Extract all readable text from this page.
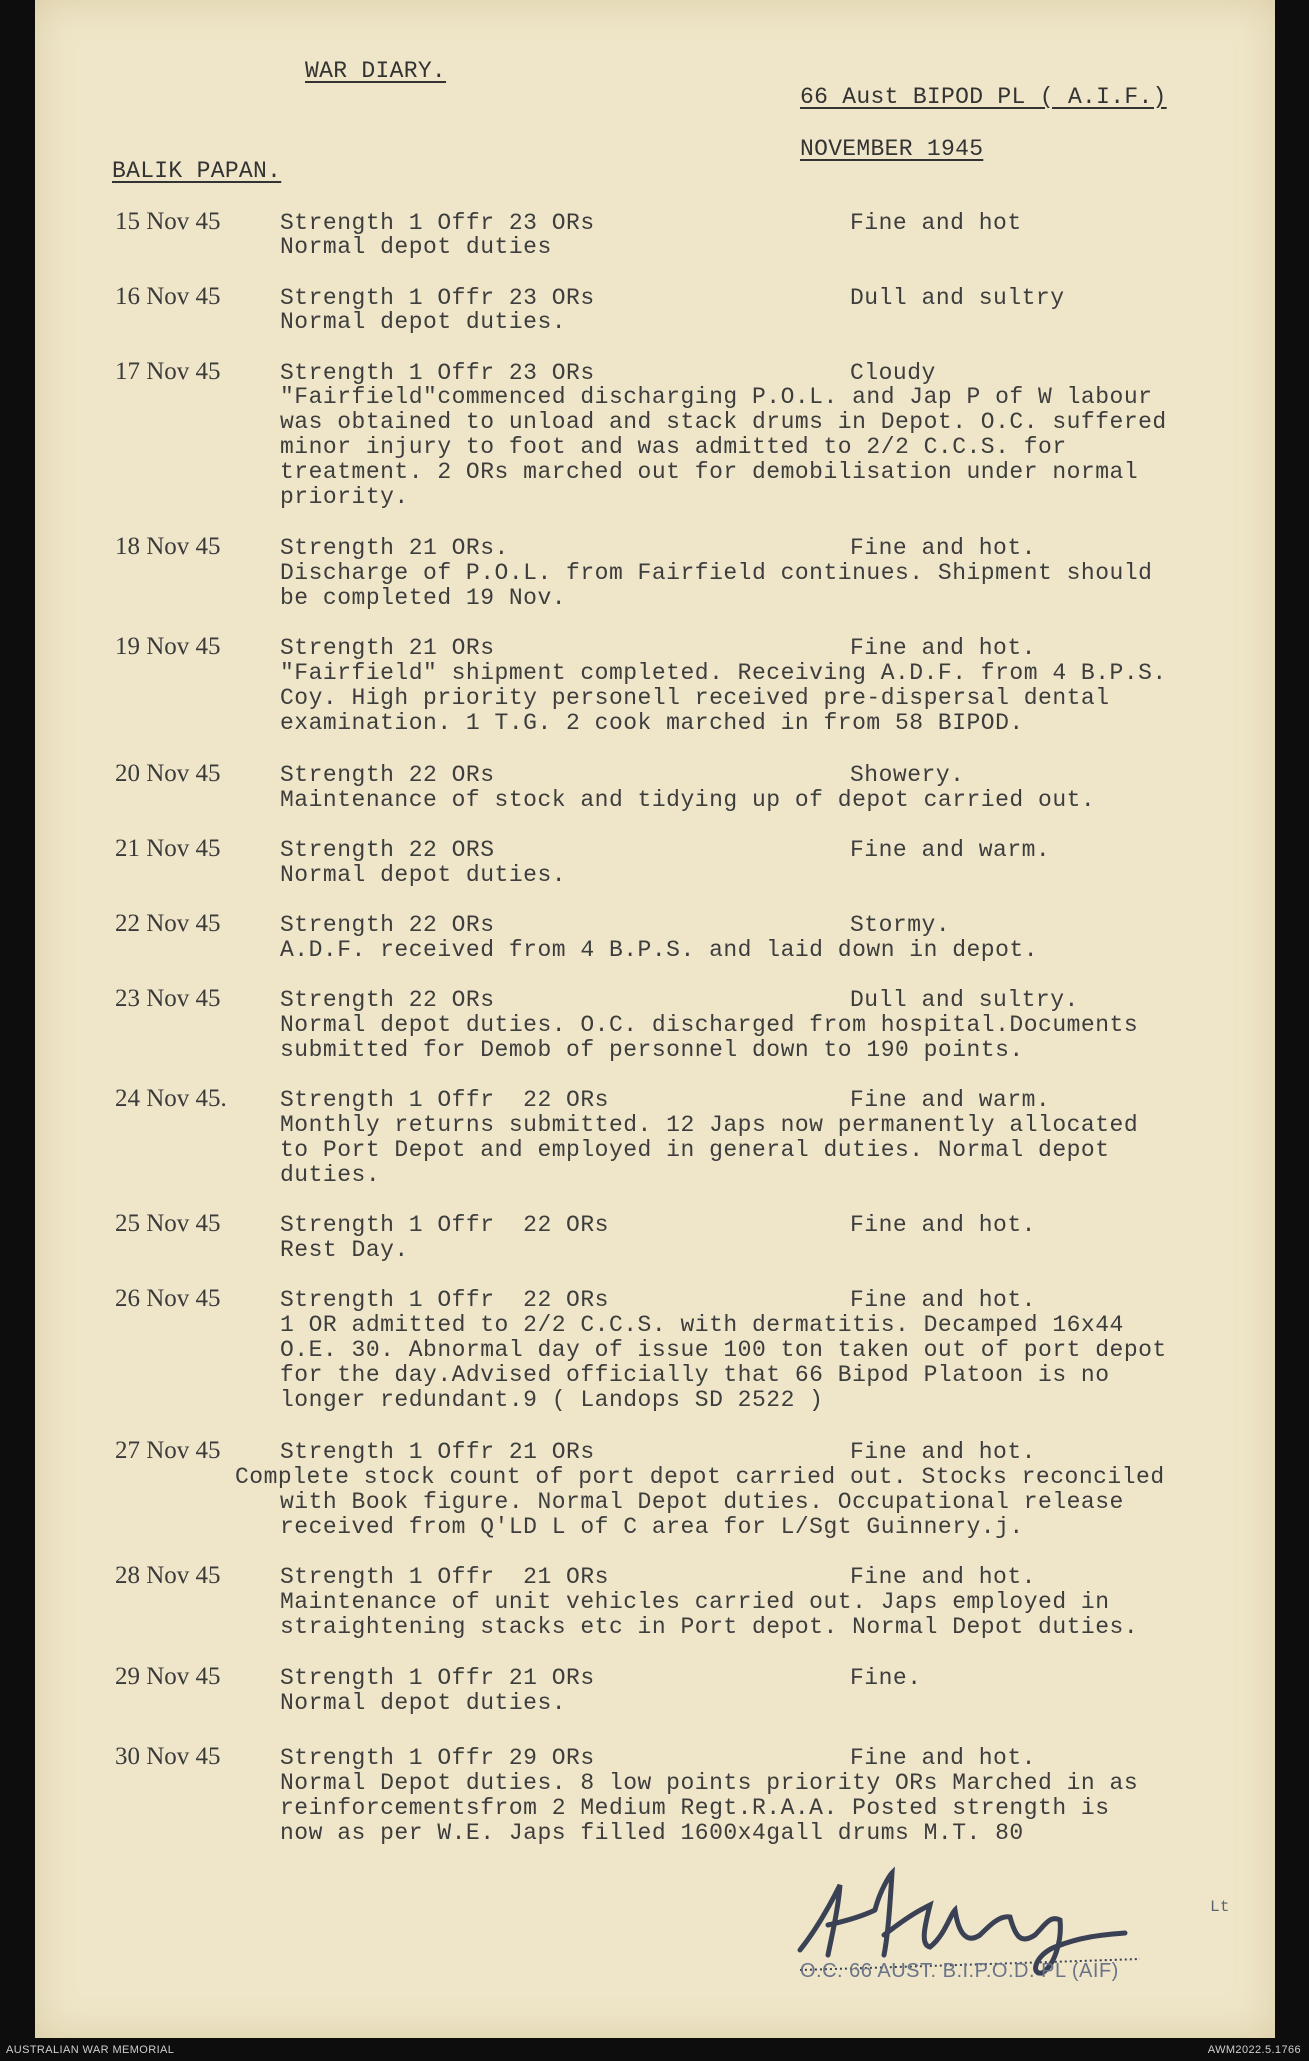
WAR DIARY.
66 Aust BIPOD PL ( A.I.F.)
NOVEMBER 1945
BALIK PAPAN.
15 Nov 45	Strength 1 Offr 23 ORs	Fine and hot
Normal depot duties
16 Nov 45	Strength 1 Offr 23 ORs	Dull and sultry
Normal depot duties.
17 Nov 45	Strength 1 Offr 23 ORs	Cloudy
"Fairfield"commenced discharging P.O.L. and Jap P of W labour
was obtained to unload and stack drums in Depot. O.C. suffered
minor injury to foot and was admitted to 2/2 C.C.S. for
treatment. 2 ORs marched out for demobilisation under normal
priority.
18 Nov 45	Strength 21 ORs.	Fine and hot.
Discharge of P.O.L. from Fairfield continues. Shipment should
be completed 19 Nov.
19 Nov 45	Strength 21 ORs	Fine and hot.
"Fairfield" shipment completed. Receiving A.D.F. from 4 B.P.S.
Coy. High priority personell received pre-dispersal dental
examination. 1 T.G. 2 cook marched in from 58 BIPOD.
20 Nov 45	Strength 22 ORs	Showery.
Maintenance of stock and tidying up of depot carried out.
21 Nov 45	Strength 22 ORS	Fine and warm.
Normal depot duties.
22 Nov 45	Strength 22 ORs	Stormy.
A.D.F. received from 4 B.P.S. and laid down in depot.
23 Nov 45	Strength 22 ORs	Dull and sultry.
Normal depot duties. O.C. discharged from hospital.Documents
submitted for Demob of personnel down to 190 points.
24 Nov 45. Strength 1 Offr  22 ORs	Fine and warm.
Monthly returns submitted. 12 Japs now permanently allocated
to Port Depot and employed in general duties. Normal depot
duties.
25 Nov 45	Strength 1 Offr  22 ORs	Fine and hot.
Rest Day.
26 Nov 45	Strength 1 Offr  22 ORs	Fine and hot.
1 OR admitted to 2/2 C.C.S. with dermatitis. Decamped 16x44
O.E. 30. Abnormal day of issue 100 ton taken out of port depot
for the day.Advised officially that 66 Bipod Platoon is no
longer redundant.9 ( Landops SD 2522 )
27 Nov 45	Strength 1 Offr 21 ORs	Fine and hot.
Complete stock count of port depot carried out. Stocks reconciled
with Book figure. Normal Depot duties. Occupational release
received from Q'LD L of C area for L/Sgt Guinnery.j.
28 Nov 45	Strength 1 Offr  21 ORs	Fine and hot.
Maintenance of unit vehicles carried out. Japs employed in
straightening stacks etc in Port depot. Normal Depot duties.
29 Nov 45	Strength 1 Offr 21 ORs	Fine.
Normal depot duties.
30 Nov 45	Strength 1 Offr 29 ORs	Fine and hot.
Normal Depot duties. 8 low points priority ORs Marched in as
reinforcementsfrom 2 Medium Regt.R.A.A. Posted strength is
now as per W.E. Japs filled 1600x4gall drums M.T. 80
Lt
O.C. 66 AUST. B.I.P.O.D. PL (AIF)
AUSTRALIAN WAR MEMORIAL	AWM2022.5.1766
